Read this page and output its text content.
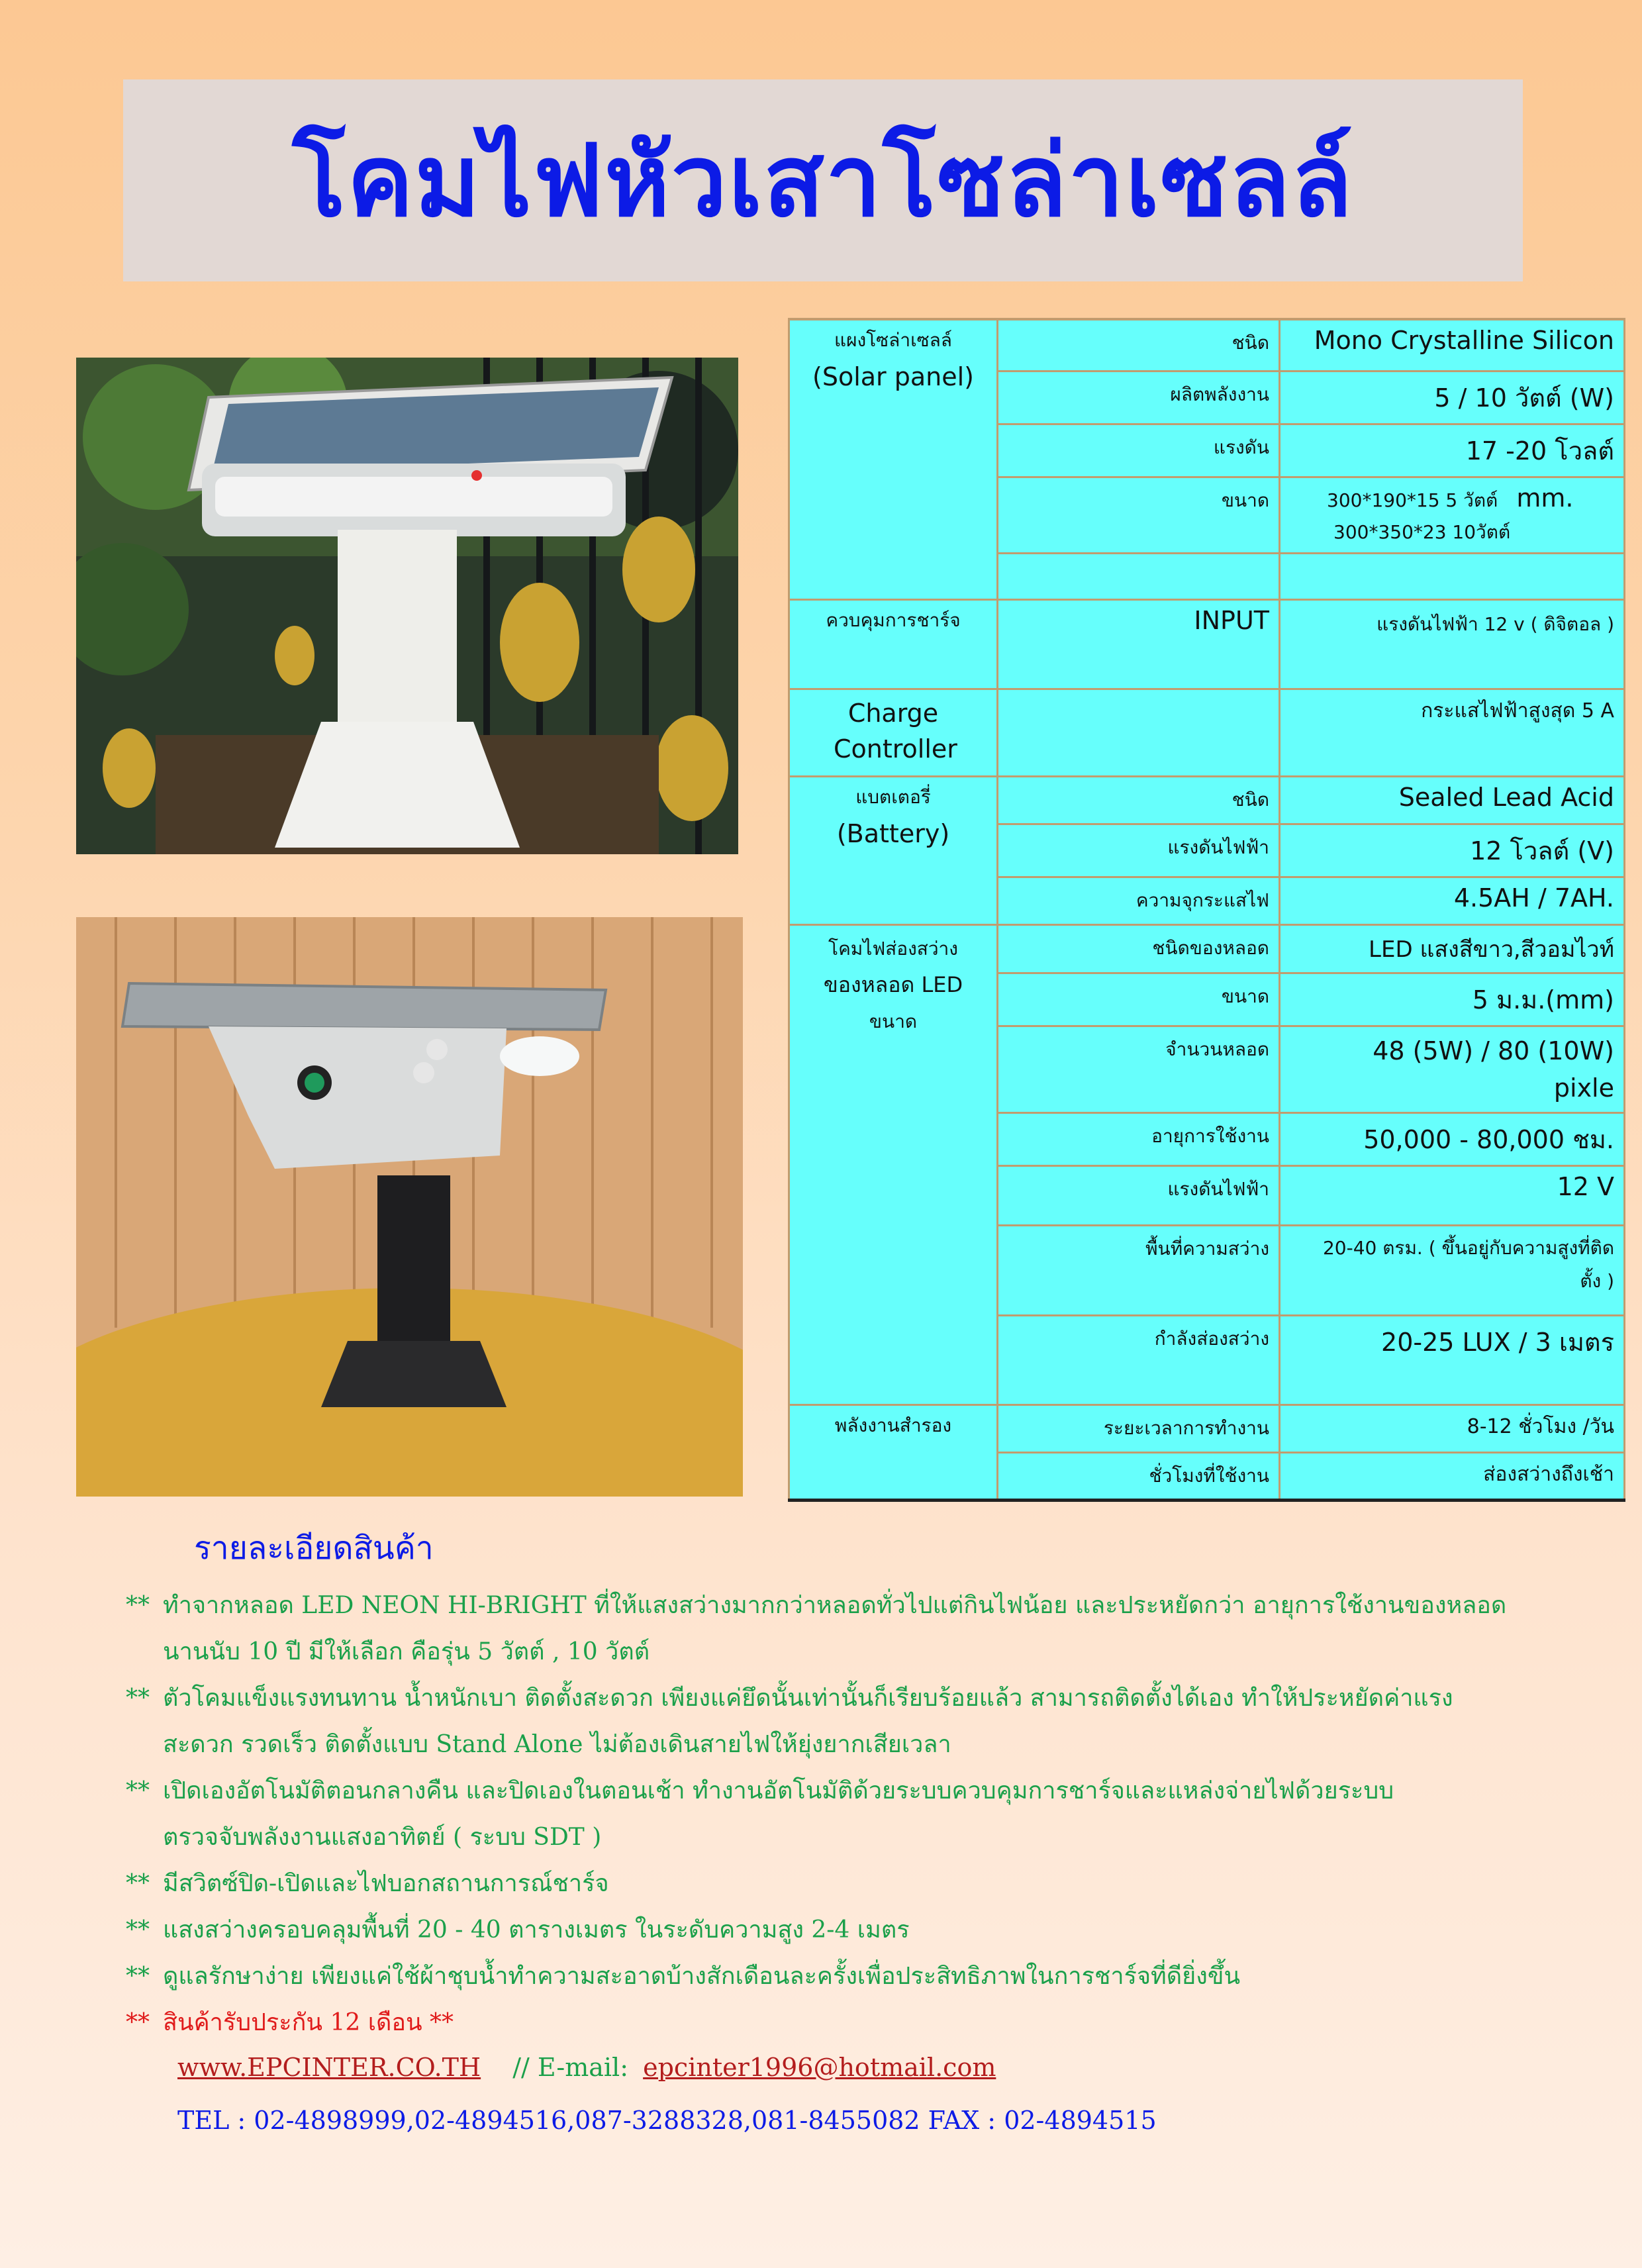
โคมไฟหัวเสาโซล่าเซลล์
แผงโซล่าเซลล์
(Solar panel)	ชนิด	Mono Crystalline Silicon
	ผลิตพลังงาน	5 / 10 วัตต์ (W)
	แรงดัน	17 -20 โวลต์
	ขนาด	300*190*15 5 วัตต์ mm.
300*350*23 10วัตต์

ควบคุมการชาร์จ	INPUT	แรงดันไฟฟ้า 12 v ( ดิจิตอล )
Charge Controller		กระแสไฟฟ้าสูงสุด 5 A
แบตเตอรี่
(Battery)	ชนิด	Sealed Lead Acid
	แรงดันไฟฟ้า	12 โวลต์ (V)
	ความจุกระแสไฟ	4.5AH / 7AH.
โคมไฟส่องสว่าง
ของหลอด LED
ขนาด	ชนิดของหลอด	LED แสงสีขาว,สีวอมไวท์
	ขนาด	5 ม.ม.(mm)
	จำนวนหลอด	48 (5W) / 80 (10W)
pixle
	อายุการใช้งาน	50,000 - 80,000 ชม.
	แรงดันไฟฟ้า	12 V
	พื้นที่ความสว่าง	20-40 ตรม. ( ขึ้นอยู่กับความสูงที่ติดตั้ง )
	กำลังส่องสว่าง	20-25 LUX / 3 เมตร

พลังงานสำรอง	ระยะเวลาการทำงาน	8-12 ชั่วโมง /วัน
	ชั่วโมงที่ใช้งาน	ส่องสว่างถึงเช้า
รายละเอียดสินค้า
** ทำจากหลอด LED NEON HI-BRIGHT ที่ให้แสงสว่างมากกว่าหลอดทั่วไปแต่กินไฟน้อย และประหยัดกว่า อายุการใช้งานของหลอด
นานนับ 10 ปี มีให้เลือก คือรุ่น 5 วัตต์ , 10 วัตต์
** ตัวโคมแข็งแรงทนทาน น้ำหนักเบา ติดตั้งสะดวก เพียงแค่ยึดนั้นเท่านั้นก็เรียบร้อยแล้ว สามารถติดตั้งได้เอง ทำให้ประหยัดค่าแรง
สะดวก รวดเร็ว ติดตั้งแบบ Stand Alone ไม่ต้องเดินสายไฟให้ยุ่งยากเสียเวลา
** เปิดเองอัตโนมัติตอนกลางคืน และปิดเองในตอนเช้า ทำงานอัตโนมัติด้วยระบบควบคุมการชาร์จและแหล่งจ่ายไฟด้วยระบบ
ตรวจจับพลังงานแสงอาทิตย์ ( ระบบ SDT )
** มีสวิตซ์ปิด-เปิดและไฟบอกสถานการณ์ชาร์จ
** แสงสว่างครอบคลุมพื้นที่ 20 - 40 ตารางเมตร ในระดับความสูง 2-4 เมตร
** ดูแลรักษาง่าย เพียงแค่ใช้ผ้าชุบน้ำทำความสะอาดบ้างสักเดือนละครั้งเพื่อประสิทธิภาพในการชาร์จที่ดียิ่งขึ้น
** สินค้ารับประกัน 12 เดือน **
www.EPCINTER.CO.TH // E-mail: epcinter1996@hotmail.com
TEL : 02-4898999,02-4894516,087-3288328,081-8455082 FAX : 02-4894515
